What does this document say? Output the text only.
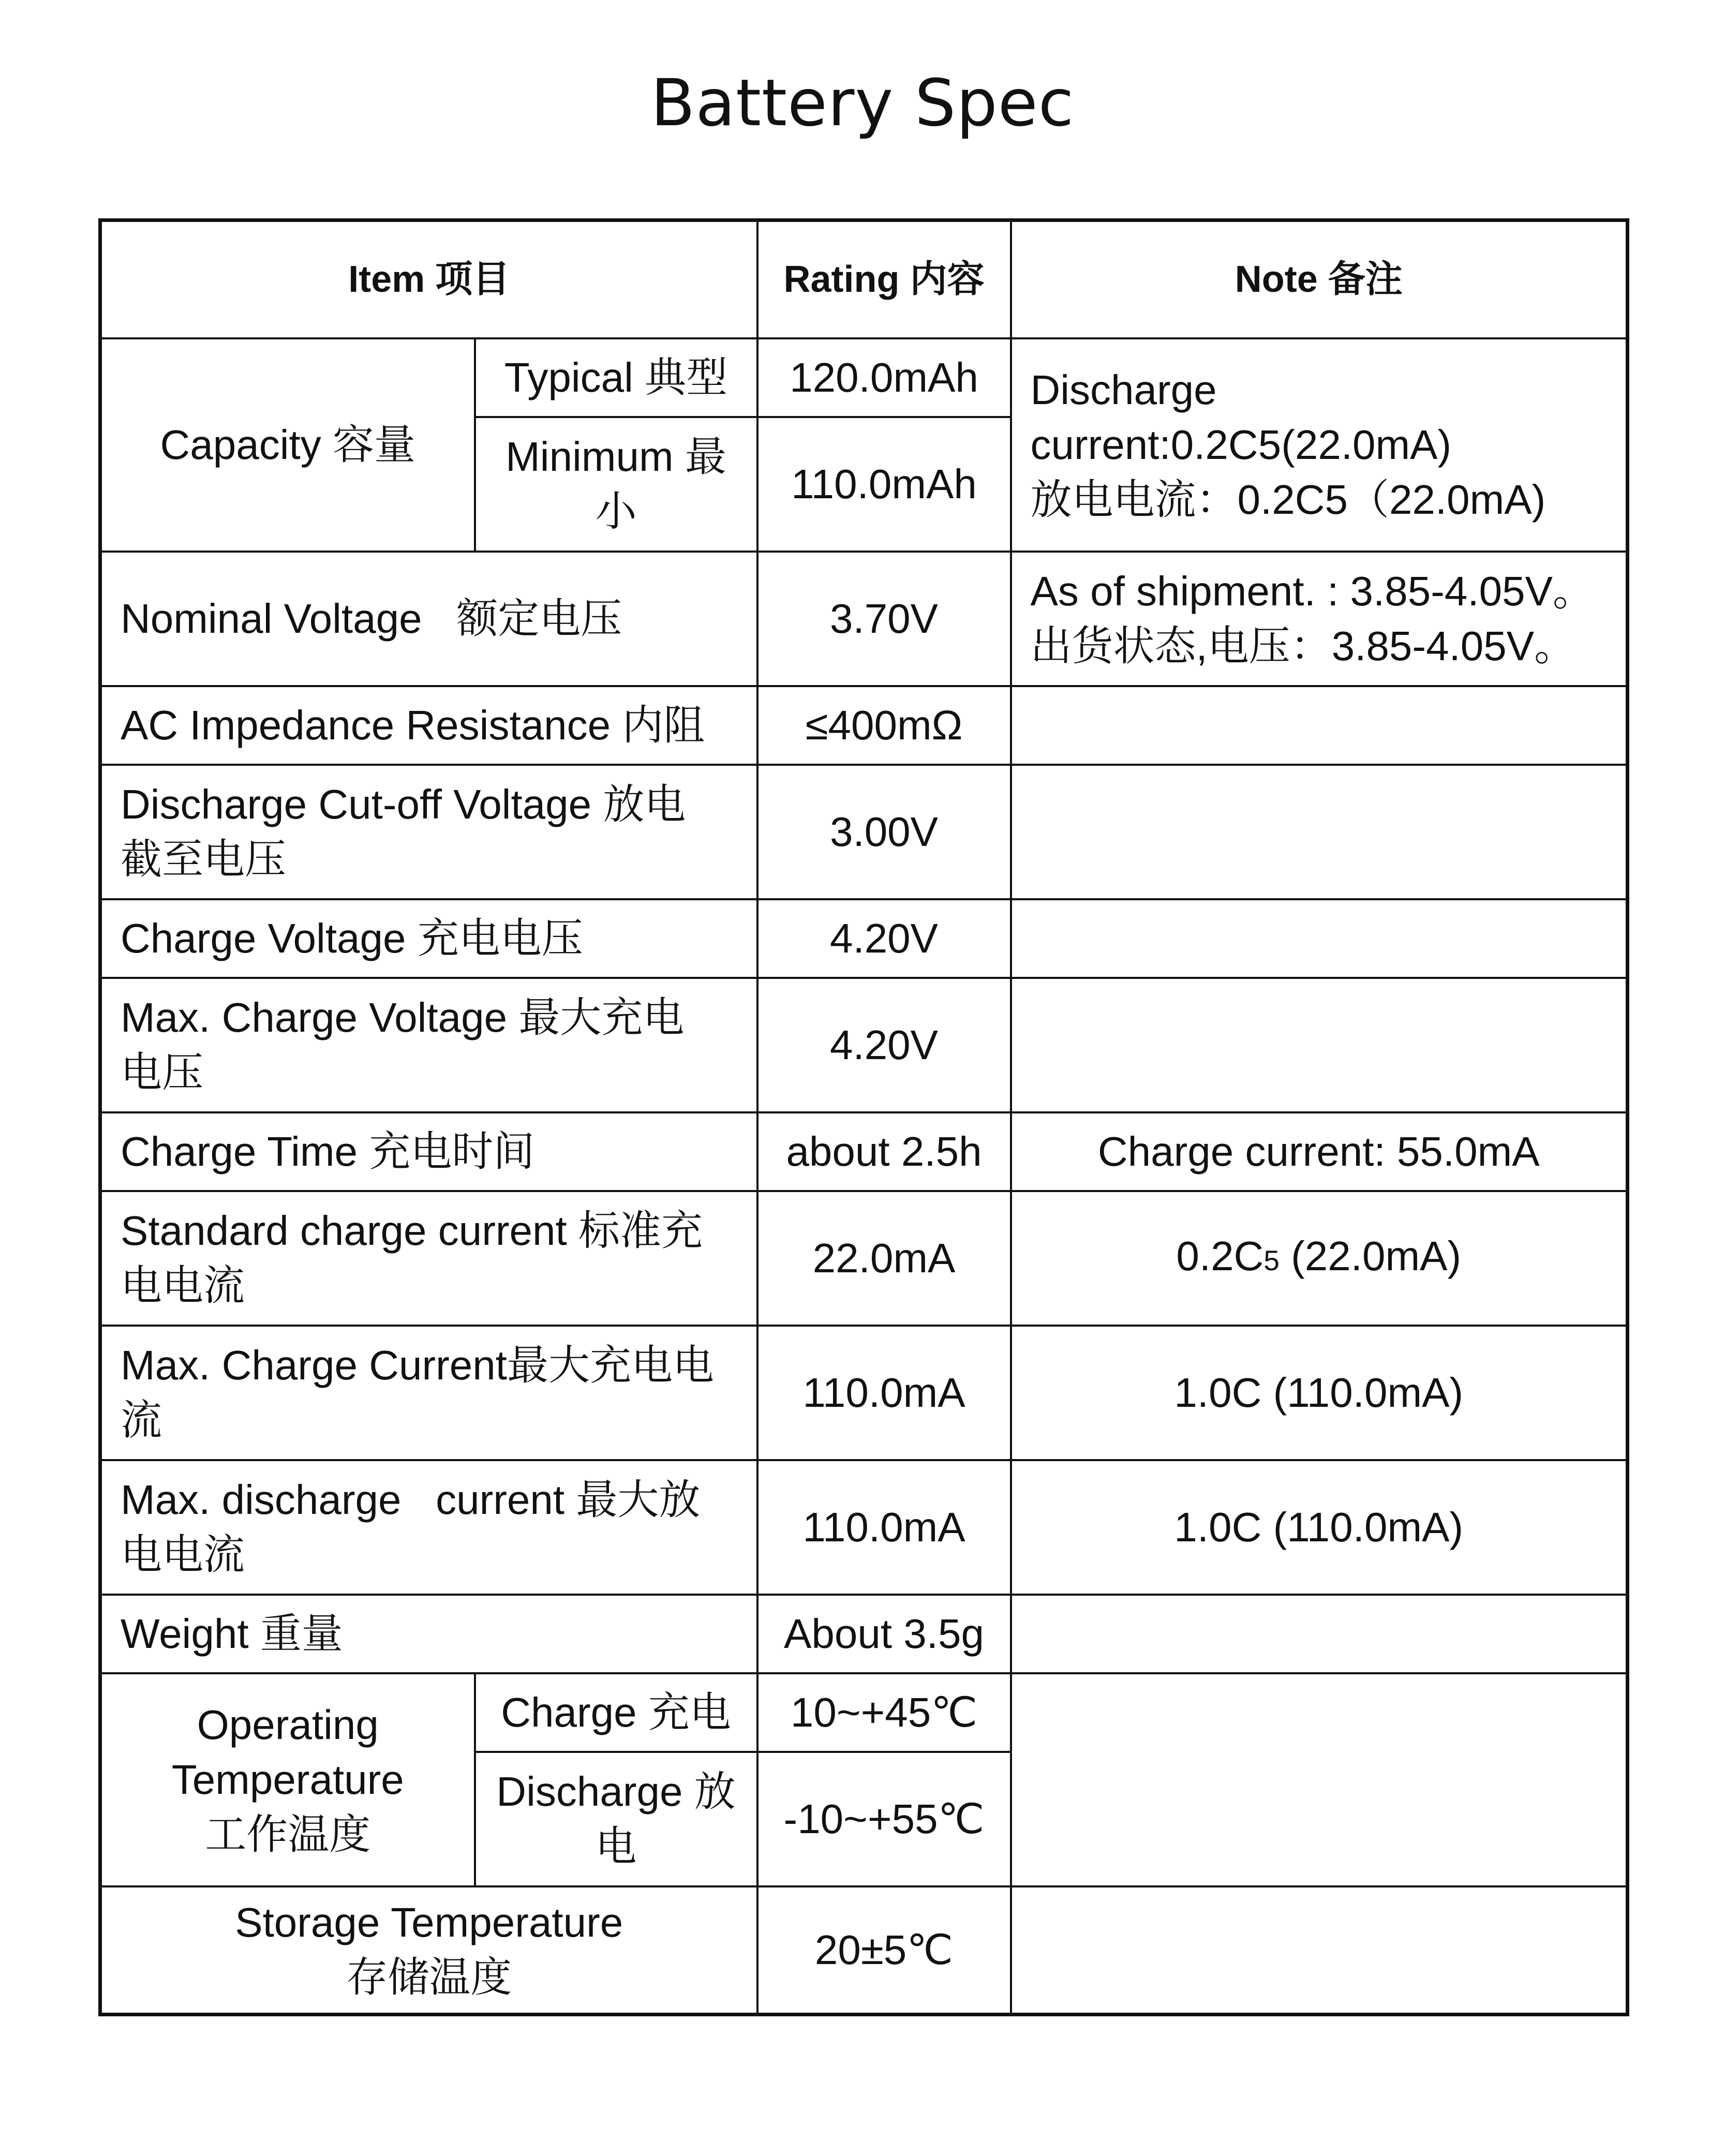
Battery Spec
Item 项目		Rating 内容	Note 备注
Capacity 容量	Typical 典型	120.0mAh	Discharge
current:0.2C5(22.0mA)
放电电流：0.2C5（22.0mA)

	Minimum 最小	110.0mAh	
Nominal Voltage   额定电压		3.70V	As of shipment. : 3.85-4.05V。
出货状态,电压：3.85-4.05V。

AC Impedance Resistance 内阻		≤400mΩ	
Discharge Cut-off Voltage 放电截至电压		3.00V	
Charge Voltage 充电电压		4.20V	
Max. Charge Voltage 最大充电电压		4.20V	
Charge Time 充电时间		about 2.5h	Charge current: 55.0mA
Standard charge current 标准充电电流		22.0mA	0.2C5 (22.0mA)
Max. Charge Current最大充电电流		110.0mA	1.0C (110.0mA)
Max. discharge   current 最大放电电流		110.0mA	1.0C (110.0mA)
Weight 重量		About 3.5g	

Operating
Temperature
工作温度	Charge 充电	10~+45℃	
	Discharge 放电	-10~+55℃	

Storage Temperature
存储温度		20±5℃	
